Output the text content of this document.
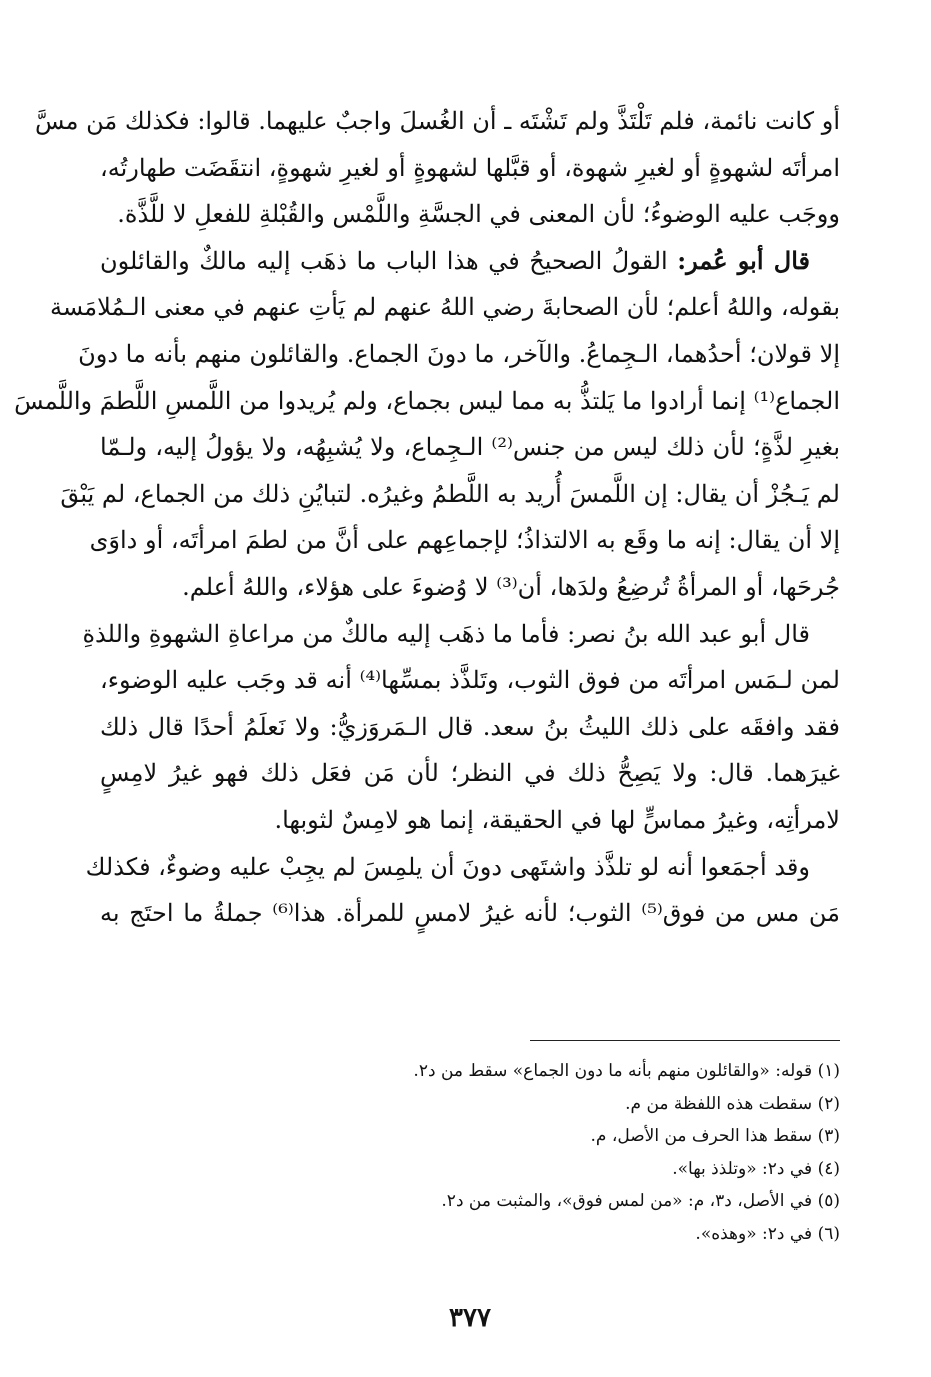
أو كانت نائمة، فلم تَلْتَذَّ ولم تَشْتَه ـ أن الغُسلَ واجبٌ عليهما. قالوا: فكذلك مَن مسَّ
امرأتَه لشهوةٍ أو لغيرِ شهوة، أو قبَّلها لشهوةٍ أو لغيرِ شهوةٍ، انتقَضَت طهارتُه،
ووجَب عليه الوضوءُ؛ لأن المعنى في الجسَّةِ واللَّمْس والقُبْلةِ للفعلِ لا للَّذَّة.
قال أبو عُمر: القولُ الصحيحُ في هذا الباب ما ذهَب إليه مالكٌ والقائلون
بقوله، واللهُ أعلم؛ لأن الصحابةَ رضي اللهُ عنهم لم يَأتِ عنهم في معنى الـمُلامَسة
إلا قولان؛ أحدُهما، الـجِماعُ. والآخر، ما دونَ الجماع. والقائلون منهم بأنه ما دونَ
الجماع⁽¹⁾ إنما أرادوا ما يَلتذُّ به مما ليس بجماع، ولم يُريدوا من اللَّمسِ اللَّطمَ واللَّمسَ
بغيرِ لذَّةٍ؛ لأن ذلك ليس من جنس⁽²⁾ الـجِماع، ولا يُشبِهُه، ولا يؤولُ إليه، ولـمّا
لم يَـجُزْ أن يقال: إن اللَّمسَ أُريد به اللَّطمُ وغيرُه. لتبايُنِ ذلك من الجماع، لم يَبْقَ
إلا أن يقال: إنه ما وقَع به الالتذاذُ؛ لإجماعِهم على أنَّ من لطمَ امرأتَه، أو داوَى
جُرحَها، أو المرأةُ تُرضِعُ ولدَها، أن⁽³⁾ لا وُضوءَ على هؤلاء، واللهُ أعلم.
قال أبو عبد الله بنُ نصر: فأما ما ذهَب إليه مالكٌ من مراعاةِ الشهوةِ واللذةِ
لمن لـمَس امرأتَه من فوق الثوب، وتَلذَّذ بمسِّها⁽⁴⁾ أنه قد وجَب عليه الوضوء،
فقد وافقَه على ذلك الليثُ بنُ سعد. قال الـمَروَزيُّ: ولا نَعلَمُ أحدًا قال ذلك
غيرَهما. قال: ولا يَصِحُّ ذلك في النظر؛ لأن مَن فعَل ذلك فهو غيرُ لامِسٍ
لامرأتِه، وغيرُ مماسٍّ لها في الحقيقة، إنما هو لامِسٌ لثوبها.
وقد أجمَعوا أنه لو تلذَّذ واشتَهى دونَ أن يلمِسَ لم يجِبْ عليه وضوءٌ، فكذلك
مَن مس من فوق⁽⁵⁾ الثوب؛ لأنه غيرُ لامسٍ للمرأة. هذا⁽⁶⁾ جملةُ ما احتَج به
(١) قوله: «والقائلون منهم بأنه ما دون الجماع» سقط من د٢.
(٢) سقطت هذه اللفظة من م.
(٣) سقط هذا الحرف من الأصل، م.
(٤) في د٢: «وتلذذ بها».
(٥) في الأصل، د٣، م: «من لمس فوق»، والمثبت من د٢.
(٦) في د٢: «وهذه».
٣٧٧
